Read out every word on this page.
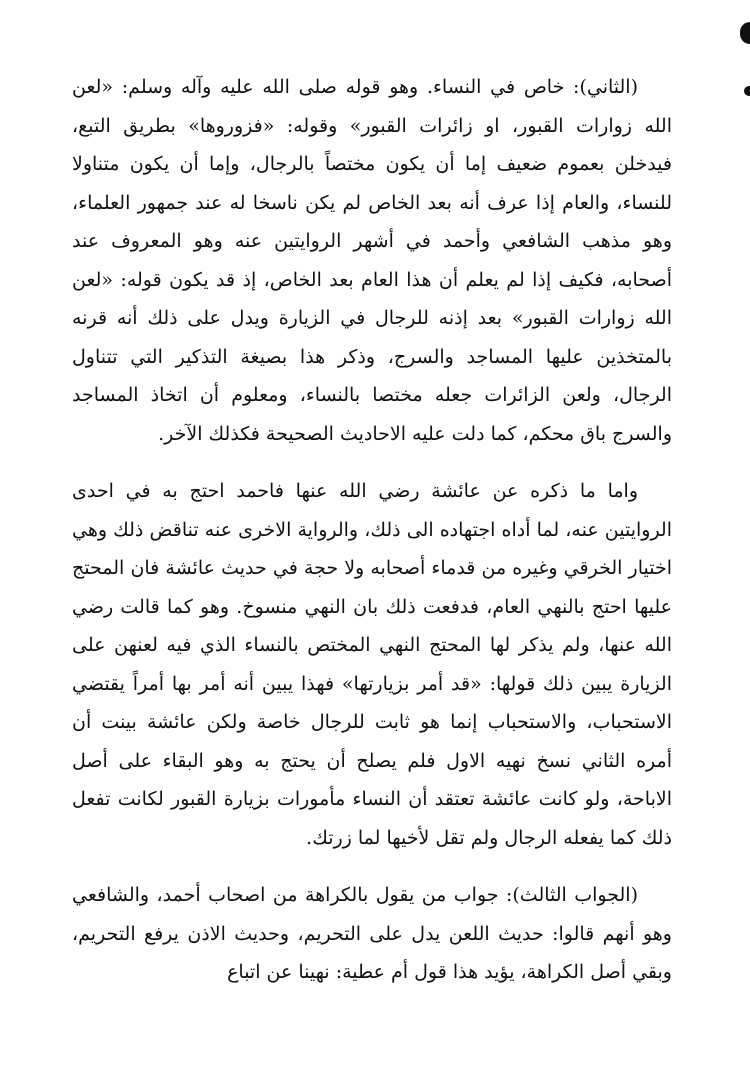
(الثاني): خاص في النساء. وهو قوله صلى الله عليه وآله وسلم: «لعن الله زوارات القبور، او زائرات القبور» وقوله: «فزوروها» بطريق التبع، فيدخلن بعموم ضعيف إما أن يكون مختصاً بالرجال، وإما أن يكون متناولا للنساء، والعام إذا عرف أنه بعد الخاص لم يكن ناسخا له عند جمهور العلماء، وهو مذهب الشافعي وأحمد في أشهر الروايتين عنه وهو المعروف عند أصحابه، فكيف إذا لم يعلم أن هذا العام بعد الخاص، إذ قد يكون قوله: «لعن الله زوارات القبور» بعد إذنه للرجال في الزيارة ويدل على ذلك أنه قرنه بالمتخذين عليها المساجد والسرج، وذكر هذا بصيغة التذكير التي تتناول الرجال، ولعن الزائرات جعله مختصا بالنساء، ومعلوم أن اتخاذ المساجد والسرج باق محكم، كما دلت عليه الاحاديث الصحيحة فكذلك الآخر.

واما ما ذكره عن عائشة رضي الله عنها فاحمد احتج به في احدى الروايتين عنه، لما أداه اجتهاده الى ذلك، والرواية الاخرى عنه تناقض ذلك وهي اختيار الخرقي وغيره من قدماء أصحابه ولا حجة في حديث عائشة فان المحتج عليها احتج بالنهي العام، فدفعت ذلك بان النهي منسوخ. وهو كما قالت رضي الله عنها، ولم يذكر لها المحتج النهي المختص بالنساء الذي فيه لعنهن على الزيارة يبين ذلك قولها: «قد أمر بزيارتها» فهذا يبين أنه أمر بها أمراً يقتضي الاستحباب، والاستحباب إنما هو ثابت للرجال خاصة ولكن عائشة بينت أن أمره الثاني نسخ نهيه الاول فلم يصلح أن يحتج به وهو البقاء على أصل الاباحة، ولو كانت عائشة تعتقد أن النساء مأمورات بزيارة القبور لكانت تفعل ذلك كما يفعله الرجال ولم تقل لأخيها لما زرتك.

(الجواب الثالث): جواب من يقول بالكراهة من اصحاب أحمد، والشافعي وهو أنهم قالوا: حديث اللعن يدل على التحريم، وحديث الاذن يرفع التحريم، وبقي أصل الكراهة، يؤيد هذا قول أم عطية: نهينا عن اتباع
